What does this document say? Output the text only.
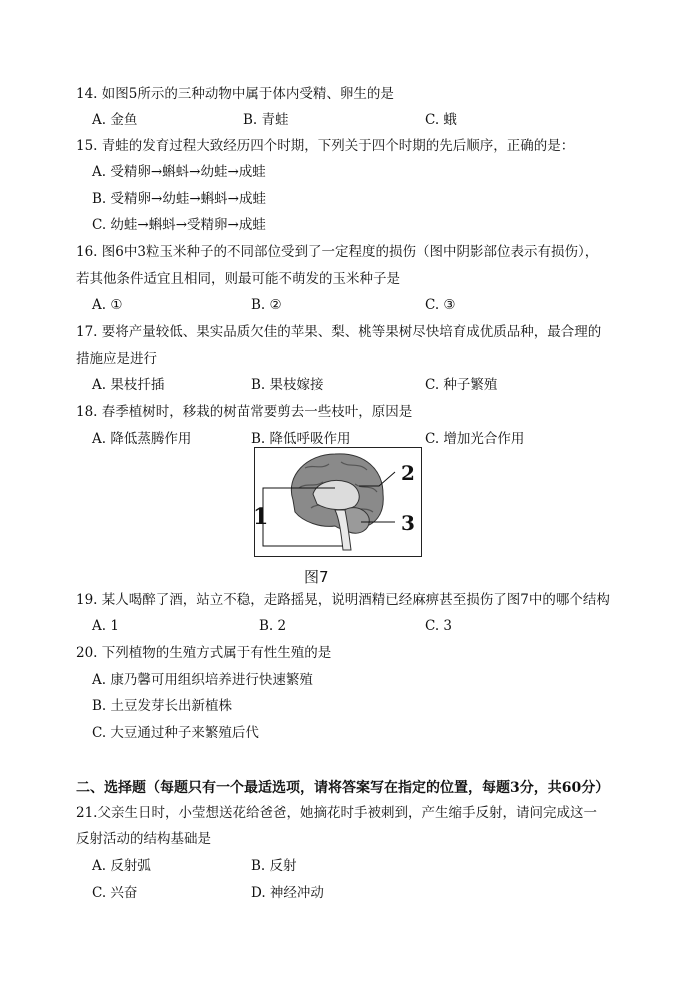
14. 如图5所示的三种动物中属于体内受精、卵生的是
A. 金鱼	B. 青蛙	C. 蛾
15. 青蛙的发育过程大致经历四个时期，下列关于四个时期的先后顺序，正确的是：
A. 受精卵→蝌蚪→幼蛙→成蛙
B. 受精卵→幼蛙→蝌蚪→成蛙
C. 幼蛙→蝌蚪→受精卵→成蛙
16. 图6中3粒玉米种子的不同部位受到了一定程度的损伤（图中阴影部位表示有损伤），
若其他条件适宜且相同，则最可能不萌发的玉米种子是
A. ①	B. ②	C. ③
17. 要将产量较低、果实品质欠佳的苹果、梨、桃等果树尽快培育成优质品种，最合理的
措施应是进行
A. 果枝扦插	B. 果枝嫁接	C. 种子繁殖
18. 春季植树时，移栽的树苗常要剪去一些枝叶，原因是
A. 降低蒸腾作用	B. 降低呼吸作用	C. 增加光合作用
1
2
3
图7
19. 某人喝醉了酒，站立不稳，走路摇晃，说明酒精已经麻痹甚至损伤了图7中的哪个结构
A. 1	B. 2	C. 3
20. 下列植物的生殖方式属于有性生殖的是
A. 康乃馨可用组织培养进行快速繁殖
B. 土豆发芽长出新植株
C. 大豆通过种子来繁殖后代
二、选择题（每题只有一个最适选项，请将答案写在指定的位置，每题3分，共60分）
21.父亲生日时，小莹想送花给爸爸，她摘花时手被刺到，产生缩手反射，请问完成这一
反射活动的结构基础是
A. 反射弧	B. 反射
C. 兴奋	D. 神经冲动
